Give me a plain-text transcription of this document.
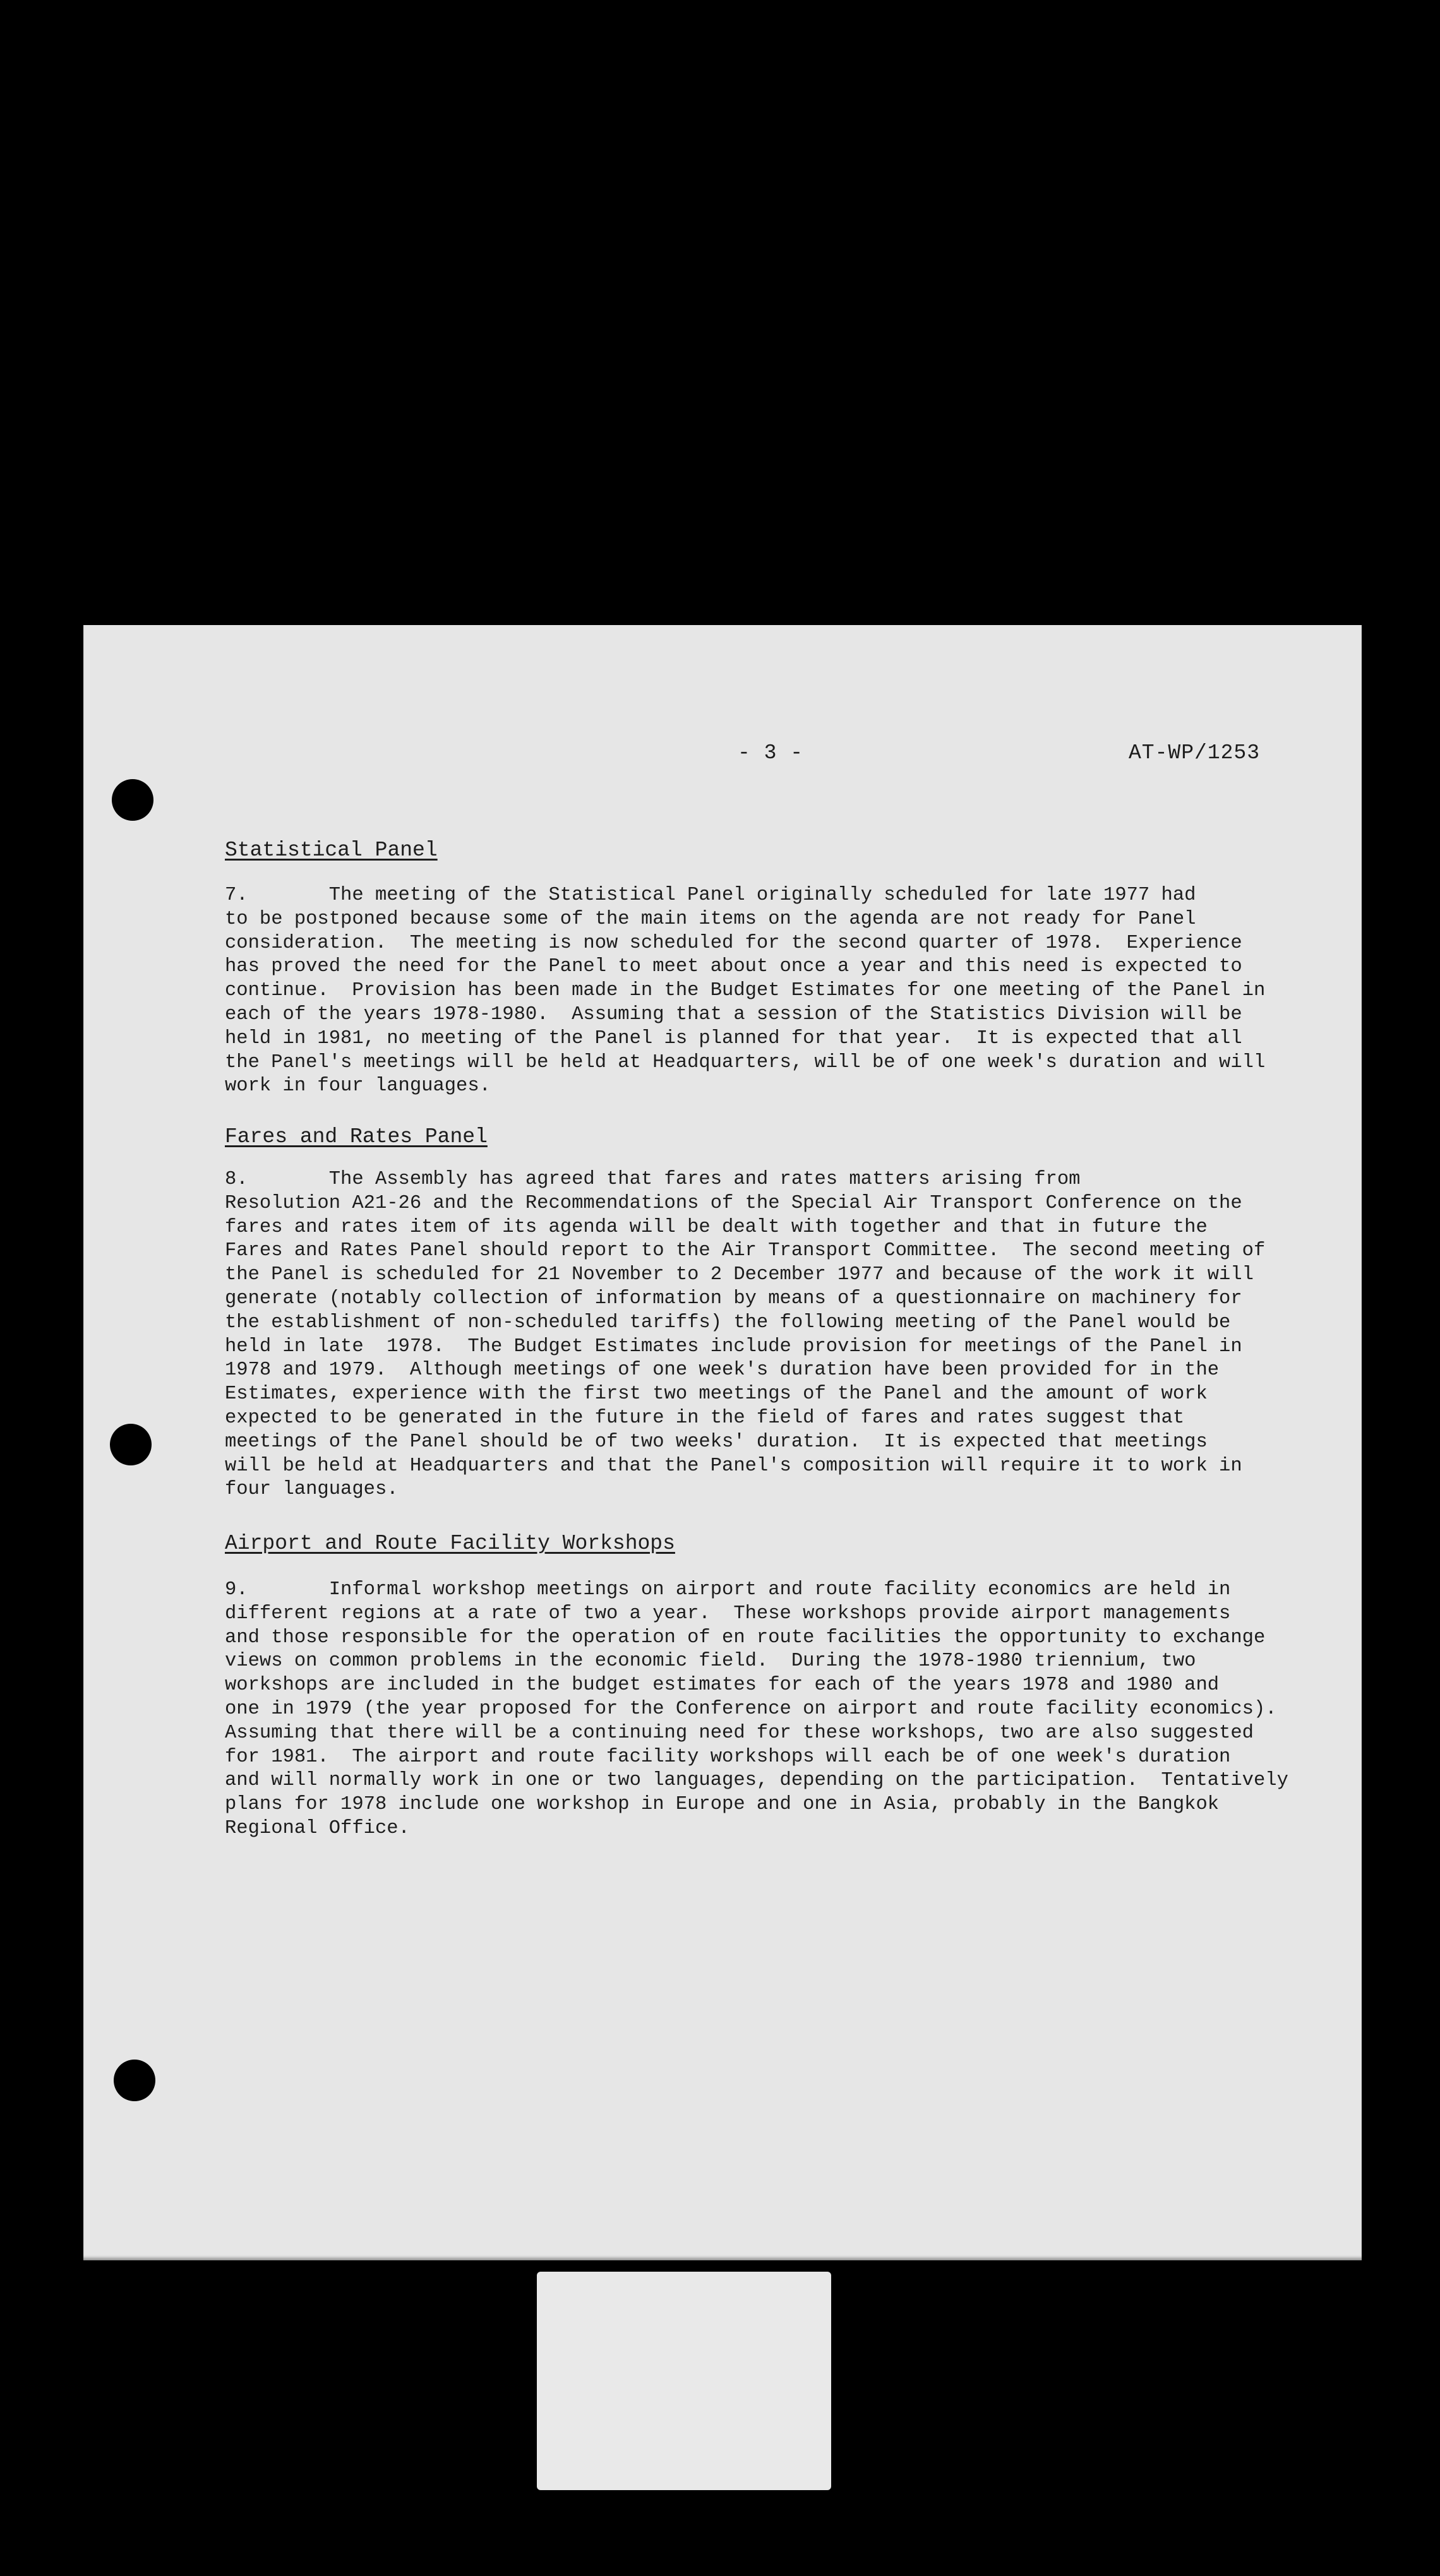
- 3 -	AT-WP/1253
Statistical Panel

7.       The meeting of the Statistical Panel originally scheduled for late 1977 had
to be postponed because some of the main items on the agenda are not ready for Panel
consideration.  The meeting is now scheduled for the second quarter of 1978.  Experience
has proved the need for the Panel to meet about once a year and this need is expected to
continue.  Provision has been made in the Budget Estimates for one meeting of the Panel in
each of the years 1978-1980.  Assuming that a session of the Statistics Division will be
held in 1981, no meeting of the Panel is planned for that year.  It is expected that all
the Panel's meetings will be held at Headquarters, will be of one week's duration and will
work in four languages.

Fares and Rates Panel

8.       The Assembly has agreed that fares and rates matters arising from
Resolution A21-26 and the Recommendations of the Special Air Transport Conference on the
fares and rates item of its agenda will be dealt with together and that in future the
Fares and Rates Panel should report to the Air Transport Committee.  The second meeting of
the Panel is scheduled for 21 November to 2 December 1977 and because of the work it will
generate (notably collection of information by means of a questionnaire on machinery for
the establishment of non-scheduled tariffs) the following meeting of the Panel would be
held in late  1978.  The Budget Estimates include provision for meetings of the Panel in
1978 and 1979.  Although meetings of one week's duration have been provided for in the
Estimates, experience with the first two meetings of the Panel and the amount of work
expected to be generated in the future in the field of fares and rates suggest that
meetings of the Panel should be of two weeks' duration.  It is expected that meetings
will be held at Headquarters and that the Panel's composition will require it to work in
four languages.

Airport and Route Facility Workshops

9.       Informal workshop meetings on airport and route facility economics are held in
different regions at a rate of two a year.  These workshops provide airport managements
and those responsible for the operation of en route facilities the opportunity to exchange
views on common problems in the economic field.  During the 1978-1980 triennium, two
workshops are included in the budget estimates for each of the years 1978 and 1980 and
one in 1979 (the year proposed for the Conference on airport and route facility economics).
Assuming that there will be a continuing need for these workshops, two are also suggested
for 1981.  The airport and route facility workshops will each be of one week's duration
and will normally work in one or two languages, depending on the participation.  Tentatively
plans for 1978 include one workshop in Europe and one in Asia, probably in the Bangkok
Regional Office.
